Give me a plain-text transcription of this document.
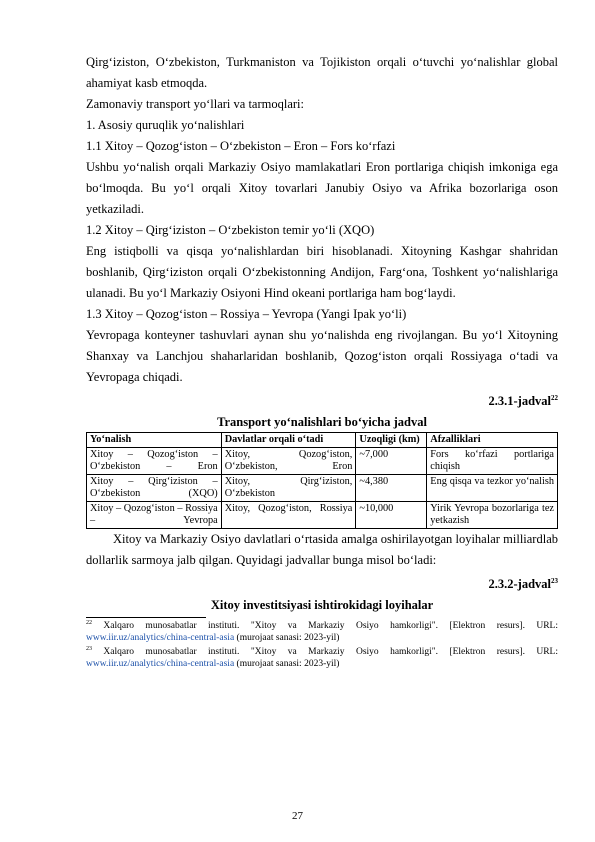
Qirg‘iziston, O‘zbekiston, Turkmaniston va Tojikiston orqali o‘tuvchi yo‘nalishlar global ahamiyat kasb etmoqda.

Zamonaviy transport yo‘llari va tarmoqlari:

1. Asosiy quruqlik yo‘nalishlari

1.1 Xitoy – Qozog‘iston – O‘zbekiston – Eron – Fors ko‘rfazi

Ushbu yo‘nalish orqali Markaziy Osiyo mamlakatlari Eron portlariga chiqish imkoniga ega bo‘lmoqda. Bu yo‘l orqali Xitoy tovarlari Janubiy Osiyo va Afrika bozorlariga oson yetkaziladi.

1.2 Xitoy – Qirg‘iziston – O‘zbekiston temir yo‘li (XQO)

Eng istiqbolli va qisqa yo‘nalishlardan biri hisoblanadi. Xitoyning Kashgar shahridan boshlanib, Qirg‘iziston orqali O‘zbekistonning Andijon, Farg‘ona, Toshkent yo‘nalishlariga ulanadi. Bu yo‘l Markaziy Osiyoni Hind okeani portlariga ham bog‘laydi.

1.3 Xitoy – Qozog‘iston – Rossiya – Yevropa (Yangi Ipak yo‘li)

Yevropaga konteyner tashuvlari aynan shu yo‘nalishda eng rivojlangan. Bu yo‘l Xitoyning Shanxay va Lanchjou shaharlaridan boshlanib, Qozog‘iston orqali Rossiyaga o‘tadi va Yevropaga chiqadi.

2.3.1-jadval$^{22}$

Transport yo‘nalishlari bo‘yicha jadval

Yo‘nalish	Davlatlar orqali o‘tadi	Uzoqligi (km)	Afzalliklari
Xitoy – Qozog‘iston – O‘zbekiston – Eron	Xitoy, Qozog‘iston, O‘zbekiston, Eron	~7,000	Fors ko‘rfazi portlariga chiqish
Xitoy – Qirg‘iziston – O‘zbekiston (XQO)	Xitoy, Qirg‘iziston, O‘zbekiston	~4,380	Eng qisqa va tezkor yo‘nalish
Xitoy – Qozog‘iston – Rossiya – Yevropa	Xitoy, Qozog‘iston, Rossiya	~10,000	Yirik Yevropa bozorlariga tez yetkazish

Xitoy va Markaziy Osiyo davlatlari o‘rtasida amalga oshirilayotgan loyihalar milliardlab dollarlik sarmoya jalb qilgan. Quyidagi jadvallar bunga misol bo‘ladi:

2.3.2-jadval$^{23}$

Xitoy investitsiyasi ishtirokidagi loyihalar

$^{22}$ Xalqaro munosabatlar instituti. "Xitoy va Markaziy Osiyo hamkorligi". [Elektron resurs]. URL: www.iir.uz/analytics/china-central-asia (murojaat sanasi: 2023-yil)

$^{23}$ Xalqaro munosabatlar instituti. "Xitoy va Markaziy Osiyo hamkorligi". [Elektron resurs]. URL: www.iir.uz/analytics/china-central-asia (murojaat sanasi: 2023-yil)

27
